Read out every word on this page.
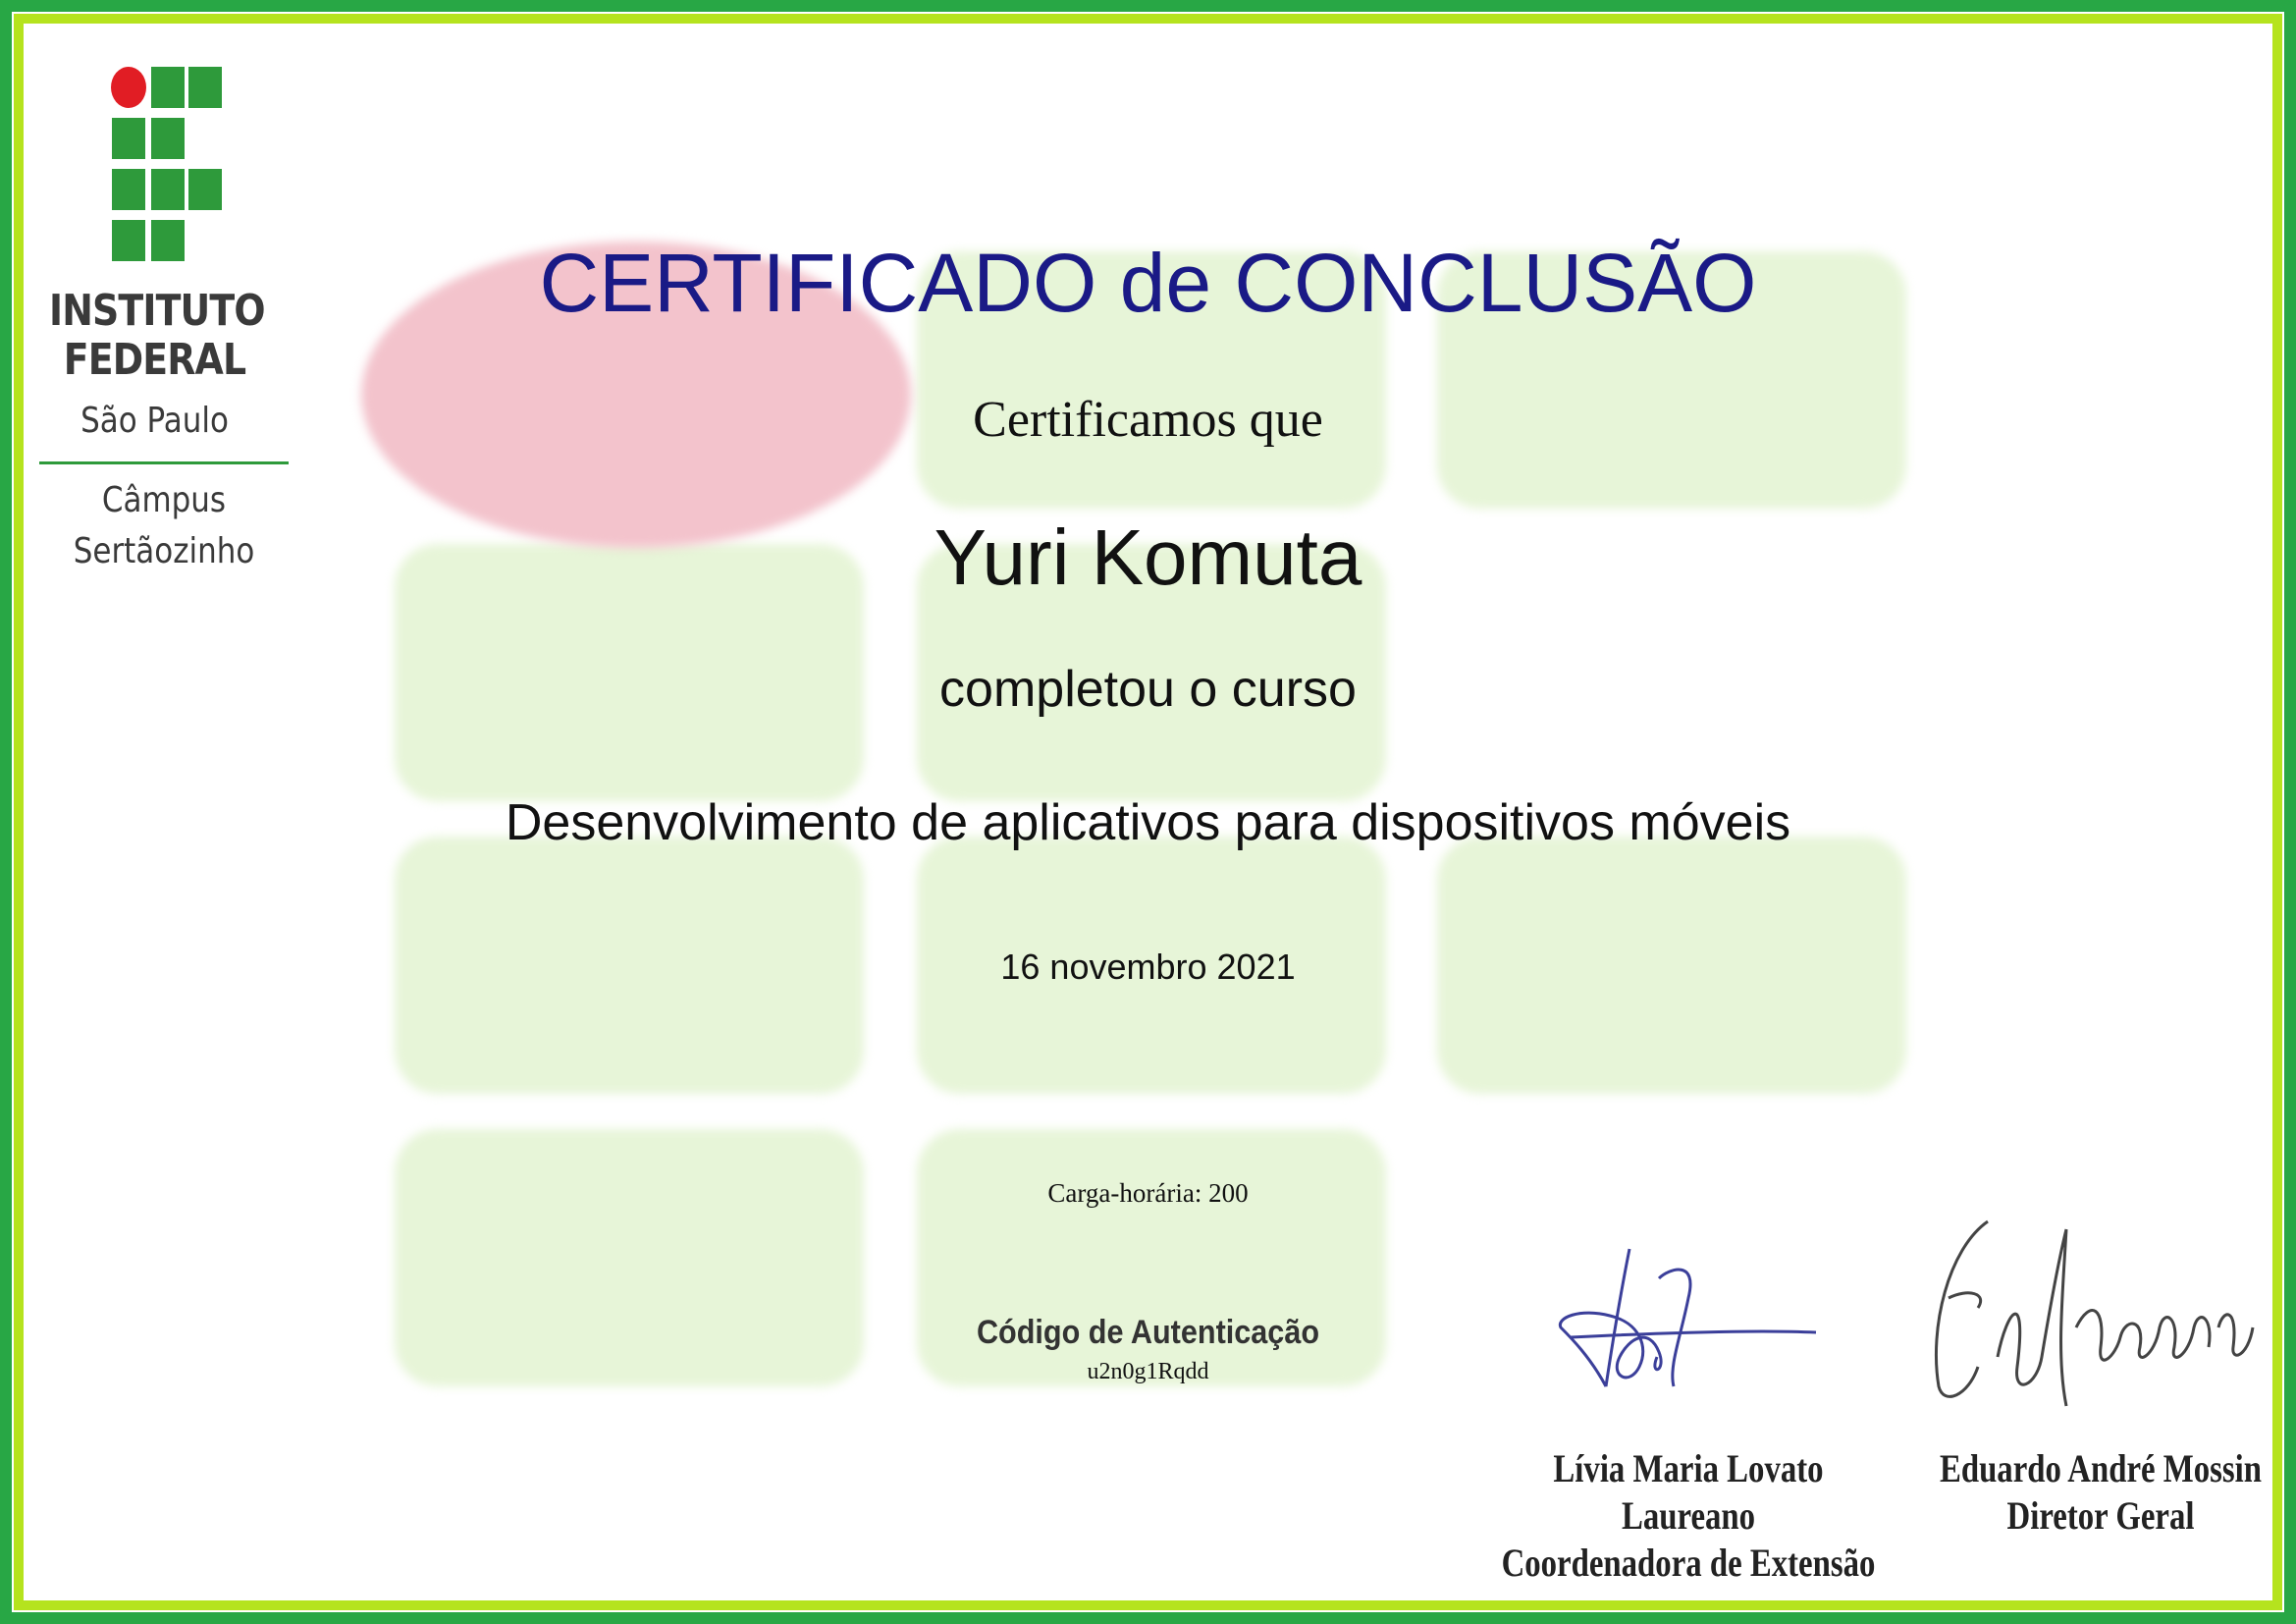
INSTITUTO
FEDERAL
São Paulo
Câmpus
Sertãozinho
CERTIFICADO de CONCLUSÃO
Certificamos que
Yuri Komuta
completou o curso
Desenvolvimento de aplicativos para dispositivos móveis
16 novembro 2021
Carga-horária: 200
Código de Autenticação
u2n0g1Rqdd
Lívia Maria Lovato Laureano
Coordenadora de Extensão
Eduardo André Mossin
Diretor Geral
